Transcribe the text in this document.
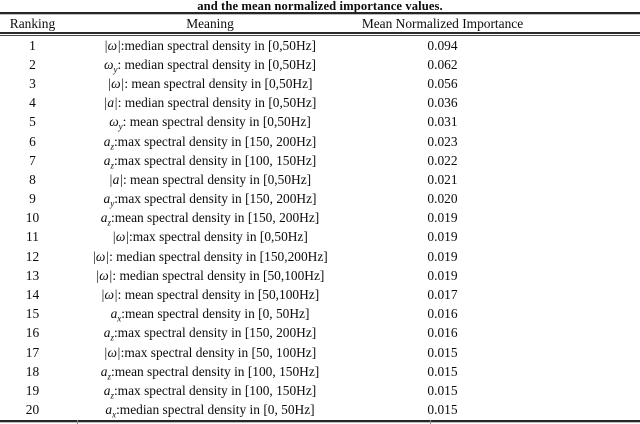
and the mean normalized importance values.
Ranking	Meaning	Mean Normalized Importance
1	|ω|:median spectral density in [0,50Hz]	0.094
2	$\omega_y$: median spectral density in [0,50Hz]	0.062
3	|ω|: mean spectral density in [0,50Hz]	0.056
4	|a|: median spectral density in [0,50Hz]	0.036
5	$\omega_y$: mean spectral density in [0,50Hz]	0.031
6	$a_z:\max$ spectral density in [150, 200Hz]	0.023
7	$a_z:\max$ spectral density in [100, 150Hz]	0.022
8	|a|: mean spectral density in [0,50Hz]	0.021
9	$a_y:\max$ spectral density in [150, 200Hz]	0.020
10	$a_z:mean$ spectral density in [150, 200Hz]	0.019
11	|ω|:max spectral density in [0,50Hz]	0.019
12	|ω|: median spectral density in [150,200Hz]	0.019
13	|ω|: median spectral density in [50,100Hz]	0.019
14	|ω|: mean spectral density in [50,100Hz]	0.017
15	$a_x:mean$ spectral density in [0, 50Hz]	0.016
16	$a_z:\max$ spectral density in [150, 200Hz]	0.016
17	|ω|:max spectral density in [50, 100Hz]	0.015
18	$a_z:mean$ spectral density in [100, 150Hz]	0.015
19	$a_z:\max$ spectral density in [100, 150Hz]	0.015
20	$a_x:median$ spectral density in [0, 50Hz]	0.015
